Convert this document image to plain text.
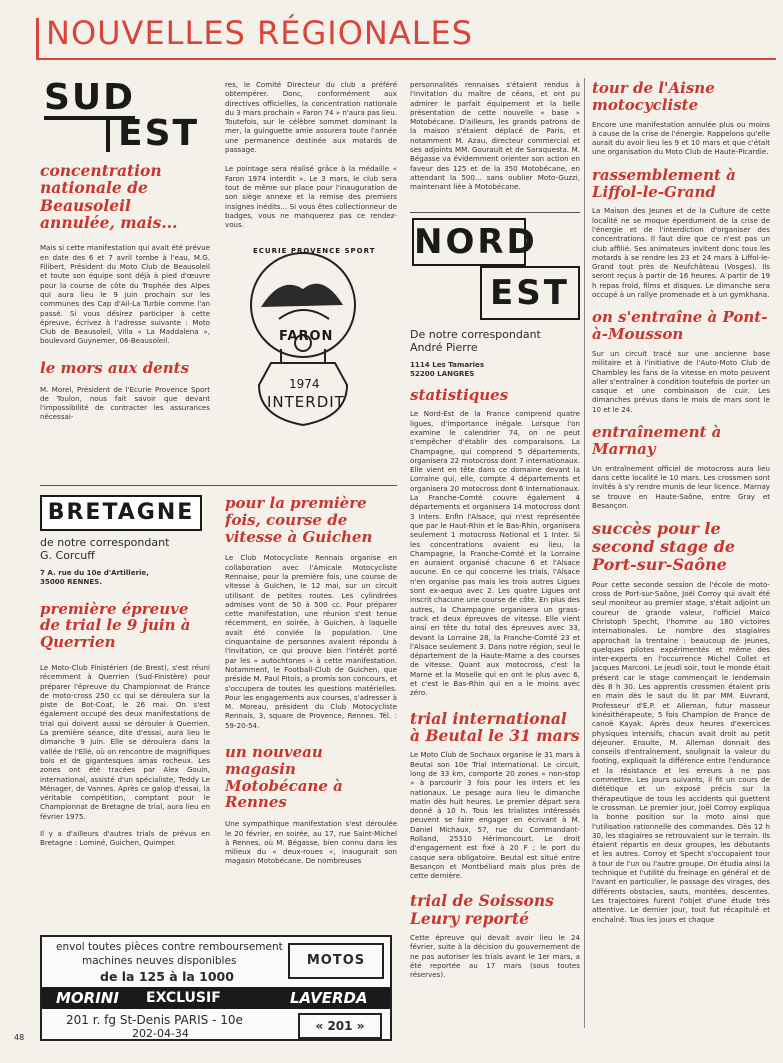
NOUVELLES RÉGIONALES
SUD
EST

concentration nationale de Beausoleil annulée, mais...

Mais si cette manifestation qui avait été prévue en date des 6 et 7 avril tombe à l'eau, M.G. Filibert, Président du Moto Club de Beausoleil et toute son équipe sont déjà à pied d'œuvre pour la course de côte du Trophée des Alpes qui aura lieu le 9 juin prochain sur les communes des Cap d'Ail-La Turbie comme l'an passé. Si vous désirez participer à cette épreuve, écrivez à l'adresse suivante : Moto Club de Beausoleil, Villa « La Maddalena », boulevard Guynemer, 06-Beausoleil.

le mors aux dents

M. Morel, Président de l'Ecurie Provence Sport de Toulon, nous fait savoir que devant l'impossibilité de contracter les assurances nécessai-

res, le Comité Directeur du club a préféré obtempérer. Donc, conformément aux directives officielles, la concentration nationale du 3 mars prochain « Faron 74 » n'aura pas lieu. Toutefois, sur le célèbre sommet dominant la mer, la guinguette amie assurera toute l'année une permanence destinée aux motards de passage.

Le pointage sera réalisé grâce à la médaille « Faron 1974 interdit ». Le 3 mars, le club sera tout de même sur place pour l'inauguration de son siège annexe et la remise des premiers insignes inédits... Si vous êtes collectionneur de badges, vous ne manquerez pas ce rendez-vous.

ECURIE PROVENCE SPORT
FARON
1974
INTERDIT

personnalités rennaises s'étaient rendus à l'invitation du maître de céans, et ont pu admirer le parfait équipement et la belle présentation de cette nouvelle « base » Motobécane. D'ailleurs, les grands patrons de la maison s'étaient déplacé de Paris, et notamment M. Azau, directeur commercial et ses adjoints MM. Gourault et de Saraquesta. M. Bégasse va évidemment orienter son action en faveur des 125 et de la 350 Motobécane, en attendant la 500... sans oublier Moto-Guzzi, maintenant liée à Motobécane.

BRETAGNE
de notre correspondant
G. Corcuff
7 A. rue du 10e d'Artillerie,
35000 RENNES.

première épreuve de trial le 9 juin à Querrien

Le Moto-Club Finistérien (de Brest), s'est réuni récemment à Querrien (Sud-Finistère) pour préparer l'épreuve du Championnat de France de moto-cross 250 cc qui se déroulera sur la piste de Bot-Coat, le 26 mai. On s'est également occupé des deux manifestations de trial qui doivent aussi se dérouler à Querrien. La première séance, dite d'essai, aura lieu le dimanche 9 juin. Elle se déroulera dans la vallée de l'Ellé, où on rencontre de magnifiques bois et de gigantesques amas rocheux. Les zones ont été tracées par Alex Gouin, international, assisté d'un spécialiste, Teddy Le Ménager, de Vannes. Après ce galop d'essai, la véritable compétition, comptant pour le Championnat de Bretagne de trial, aura lieu en février 1975.

Il y a d'ailleurs d'autres trials de prévus en Bretagne : Lominé, Guichen, Quimper.

pour la première fois, course de vitesse à Guichen

Le Club Motocycliste Rennais organise en collaboration avec l'Amicale Motocycliste Rennaise, pour la première fois, une course de vitesse à Guichen, le 12 mai, sur un circuit utilisant de petites routes. Les cylindrées admises vont de 50 à 500 cc. Pour préparer cette manifestation, une réunion s'est tenue récemment, en soirée, à Guichen, à laquelle avait été conviée la population. Une cinquantaine de personnes avaient répondu à l'invitation, ce qui prouve bien l'intérêt porté par les « autochtones » à cette manifestation. Notamment, le Football-Club de Guichen, que préside M. Paul Pitois, a promis son concours, et s'occupera de toutes les questions matérielles. Pour les engagements aux courses, s'adresser à M. Moreau, président du Club Motocycliste Rennais, 3, square de Provence, Rennes. Tél. : 59-20-54.

un nouveau magasin Motobécane à Rennes

Une sympathique manifestation s'est déroulée le 20 février, en soirée, au 17, rue Saint-Michel à Rennes, où M. Bégasse, bien connu dans les milieux du « deux-roues », inaugurait son magasin Motobécane. De nombreuses

NORD
EST
De notre correspondant
André Pierre
1114 Les Tamaries
52200 LANGRES

statistiques

Le Nord-Est de la France comprend quatre ligues, d'importance inégale. Lorsque l'on examine le calendrier 74, on ne peut s'empêcher d'établir des comparaisons. La Champagne, qui comprend 5 départements, organisera 22 motocross dont 7 internationaux. Elle vient en tête dans ce domaine devant la Lorraine qui, elle, compte 4 départements et organisera 20 motocross dont 6 Internationaux. La Franche-Comté couvre également 4 départements et organisera 14 motocross dont 3 Inters. Enfin l'Alsace, qui n'est représentée que par le Haut-Rhin et le Bas-Rhin, organisera seulement 1 motocross National et 1 Inter. Si les concentrations avaient eu lieu, la Champagne, la Franche-Comté et la Lorraine en auraient organisé chacune 6 et l'Alsace aucune. En ce qui concerne les trials, l'Alsace n'en organise pas mais les trois autres Ligues sont ex-aequo avec 2. Les quatre Ligues ont inscrit chacune une course de côte. En plus des autres, la Champagne organisera un grass-track et deux épreuves de vitesse. Elle vient ainsi en tête du total des épreuves avec 33, devant la Lorraine 28, la Franche-Comté 23 et l'Alsace seulement 3. Dans notre région, seul le département de la Haute-Marne a des courses de vitesse. Quant aux motocross, c'est la Marne et la Moselle qui en ont le plus avec 6, et c'est le Bas-Rhin qui en a le moins avec zéro.

trial international à Beutal le 31 mars

Le Moto Club de Sochaux organise le 31 mars à Beutal son 10e Trial International. Le circuit, long de 33 km, comporte 20 zones « non-stop » à parcourir 3 fois pour les inters et les nationaux. Le pesage aura lieu le dimanche matin dès huit heures. Le premier départ sera donné à 10 h. Tous les trialistes intéressés peuvent se faire engager en écrivant à M. Daniel Michaux, 57, rue du Commandant-Rolland, 25310 Hérimoncourt. Le droit d'engagement est fixé à 20 F ; le port du casque sera obligatoire. Beutal est situé entre Besançon et Montbéliard mais plus près de cette dernière.

trial de Soissons Leury reporté

Cette épreuve qui devait avoir lieu le 24 février, suite à la décision du gouvernement de ne pas autoriser les trials avant le 1er mars, a été reportée au 17 mars (sous toutes réserves).

tour de l'Aisne motocycliste

Encore une manifestation annulée plus ou moins à cause de la crise de l'énergie. Rappelons qu'elle aurait du avoir lieu les 9 et 10 mars et que c'était une organisation du Moto Club de Haute-Picardie.

rassemblement à Liffol-le-Grand

La Maison des Jeunes et de la Culture de cette localité ne se moque éperdument de la crise de l'énergie et de l'interdiction d'organiser des concentrations. Il faut dire que ce n'est pas un club affilié. Ses animateurs invitent donc tous les motards à se rendre les 23 et 24 mars à Liffol-le-Grand tout près de Neufchâteau (Vosges). Ils seront reçus à partir de 16 heures. A partir de 19 h repas froid, films et disques. Le dimanche sera occupé à un rallye promenade et à un gymkhana.

on s'entraîne à Pont-à-Mousson

Sur un circuit tracé sur une ancienne base militaire et à l'initiative de l'Auto-Moto Club de Chambley les fans de la vitesse en moto peuvent aller s'entraîner à condition toutefois de porter un casque et une combinaison de cuir. Les dimanches prévus dans le mois de mars sont le 10 et le 24.

entraînement à Marnay

Un entraînement officiel de motocross aura lieu dans cette localité le 10 mars. Les crossmen sont invités à s'y rendre munis de leur licence. Marnay se trouve en Haute-Saône, entre Gray et Besançon.

succès pour le second stage de Port-sur-Saône

Pour cette seconde session de l'école de moto-cross de Port-sur-Saône, Joël Corroy qui avait été seul moniteur au premier stage, s'était adjoint un coureur de grande valeur, l'officiel Maico Christoph Specht, l'homme au 180 victoires internationales. Le nombre des stagiaires approchait la trentaine : beaucoup de jeunes, quelques pilotes expérimentés et même des inter-experts en l'occurrence Michel Collet et Jacques Marconi. Le jeudi soir, tout le monde était présent car le stage commençait le lendemain dès 8 h 30. Les apprentis crossmen étaient pris en main dès le saut du lit par MM. Euvrard, Professeur d'E.P. et Alleman, futur masseur kinésithérapeute, 5 fois Champion de France de canoë Kayak. Après deux heures d'exercices physiques intensifs, chacun avait droit au petit déjeuner. Ensuite, M. Alleman donnait des conseils d'entraînement, soulignait la valeur du footing, expliquait la différence entre l'endurance et la résistance et les erreurs à ne pas commettre. Les jours suivants, il fit un cours de diététique et un exposé précis sur la thérapeutique de tous les accidents qui guettent le crossman. Le premier jour, Joël Corroy expliqua la bonne position sur la moto ainsi que l'utilisation rationnelle des commandes. Dès 12 h 30, les stagiaires se retrouvaient sur le terrain. Ils étaient répartis en deux groupes, les débutants et les autres. Corroy et Specht s'occupaient tour à tour de l'un ou l'autre groupe. On étudia ainsi la technique et l'utilité du freinage en général et de l'avant en particulier, le passage des virages, des différents obstacles, sauts, montées, descentes. Les trajectoires furent l'objet d'une étude très attentive. Le dernier jour, tout fut récapitulé et enchaîné. Tous les jours et chaque

envol toutes pièces contre remboursement
machines neuves disponibles
de la 125 à la 1000
MOTOS
MORINI EXCLUSIF	LAVERDA
201 r. fg St-Denis PARIS - 10e
202-04-34
« 201 »
48
